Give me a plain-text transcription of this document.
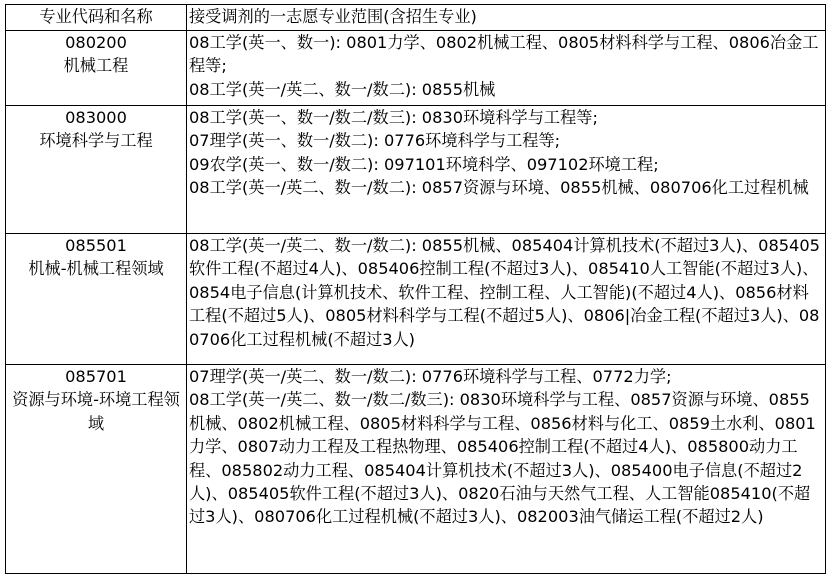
专业代码和名称	接受调剂的一志愿专业范围(含招生专业)

080200
机械工程	08工学(英一、数一): 0801力学、0802机械工程、0805材料科学与工程、0806冶金工程等;
08工学(英一/英二、数一/数二): 0855机械

083000
环境科学与工程	08工学(英一、数一/数二/数三): 0830环境科学与工程等;
07理学(英一、数一/数二): 0776环境科学与工程等;
09农学(英一、数一/数二): 097101环境科学、097102环境工程;
08工学(英一/英二、数一/数二): 0857资源与环境、0855机械、080706化工过程机械

085501
机械-机械工程领域	08工学(英一/英二、数一/数二): 0855机械、085404计算机技术(不超过3人)、085405软件工程(不超过4人)、085406控制工程(不超过3人)、085410人工智能(不超过3人)、0854电子信息(计算机技术、软件工程、控制工程、人工智能)(不超过4人)、0856材料工程(不超过5人)、0805材料科学与工程(不超过5人)、0806|冶金工程(不超过3人)、080706化工过程机械(不超过3人)

085701
资源与环境-环境工程领域	07理学(英一/英二、数一/数二): 0776环境科学与工程、0772力学;
08工学(英一/英二、数一/数二/数三): 0830环境科学与工程、0857资源与环境、0855机械、0802机械工程、0805材料科学与工程、0856材料与化工、0859土水利、0801力学、0807动力工程及工程热物理、085406控制工程(不超过4人)、085800动力工程、085802动力工程、085404计算机技术(不超过3人)、085400电子信息(不超过2人)、085405软件工程(不超过3人)、0820石油与天然气工程、人工智能085410(不超过3人)、080706化工过程机械(不超过3人)、082003油气储运工程(不超过2人)
